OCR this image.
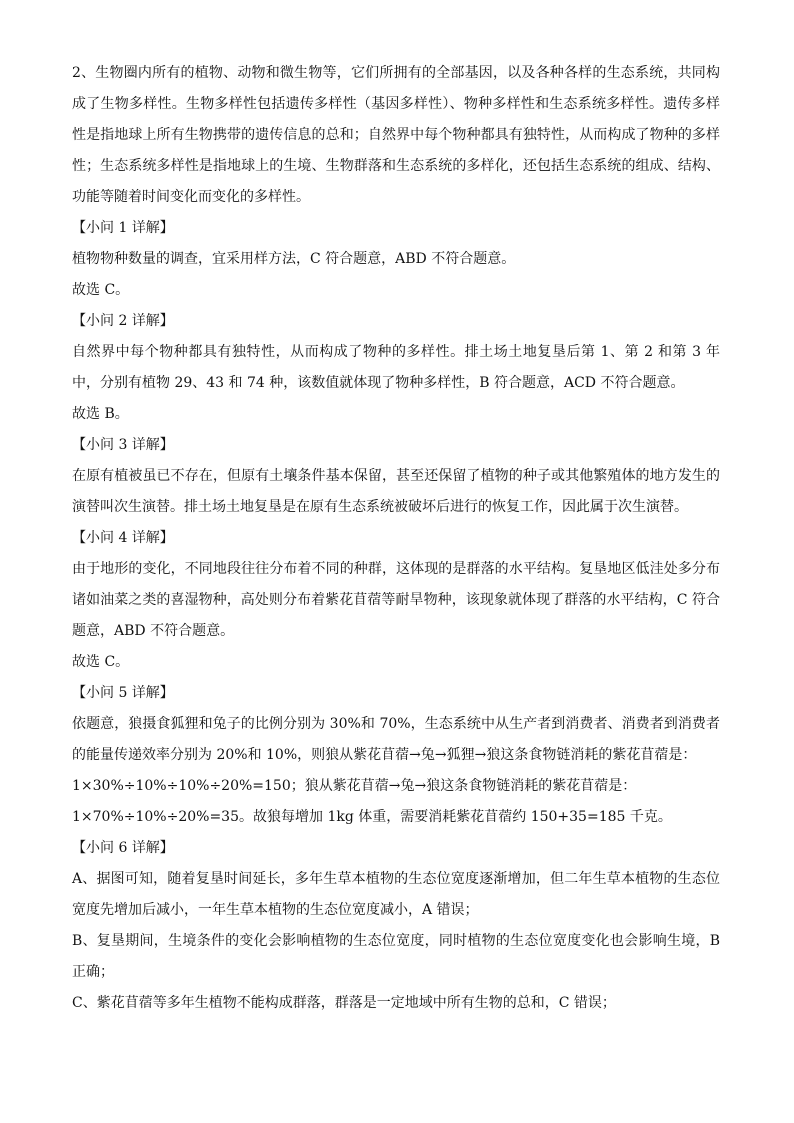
2、生物圈内所有的植物、动物和微生物等，它们所拥有的全部基因，以及各种各样的生态系统，共同构成了生物多样性。生物多样性包括遗传多样性（基因多样性）、物种多样性和生态系统多样性。遗传多样性是指地球上所有生物携带的遗传信息的总和；自然界中每个物种都具有独特性，从而构成了物种的多样性；生态系统多样性是指地球上的生境、生物群落和生态系统的多样化，还包括生态系统的组成、结构、功能等随着时间变化而变化的多样性。

【小问 1 详解】

植物物种数量的调查，宜采用样方法，C 符合题意，ABD 不符合题意。

故选 C。

【小问 2 详解】

自然界中每个物种都具有独特性，从而构成了物种的多样性。排土场土地复垦后第 1、第 2 和第 3 年中，分别有植物 29、43 和 74 种，该数值就体现了物种多样性，B 符合题意，ACD 不符合题意。

故选 B。

【小问 3 详解】

在原有植被虽已不存在，但原有土壤条件基本保留，甚至还保留了植物的种子或其他繁殖体的地方发生的演替叫次生演替。排土场土地复垦是在原有生态系统被破坏后进行的恢复工作，因此属于次生演替。

【小问 4 详解】

由于地形的变化，不同地段往往分布着不同的种群，这体现的是群落的水平结构。复垦地区低洼处多分布诸如油菜之类的喜湿物种，高处则分布着紫花苜蓿等耐旱物种，该现象就体现了群落的水平结构，C 符合题意，ABD 不符合题意。

故选 C。

【小问 5 详解】

依题意，狼摄食狐狸和兔子的比例分别为 30%和 70%，生态系统中从生产者到消费者、消费者到消费者的能量传递效率分别为 20%和 10%，则狼从紫花苜蓿→兔→狐狸→狼这条食物链消耗的紫花苜蓿是：

1×30%÷10%÷10%÷20%=150；狼从紫花苜蓿→兔→狼这条食物链消耗的紫花苜蓿是：

1×70%÷10%÷20%=35。故狼每增加 1kg 体重，需要消耗紫花苜蓿约 150+35=185 千克。

【小问 6 详解】

A、据图可知，随着复垦时间延长，多年生草本植物的生态位宽度逐渐增加，但二年生草本植物的生态位宽度先增加后减小，一年生草本植物的生态位宽度减小，A 错误；

B、复垦期间，生境条件的变化会影响植物的生态位宽度，同时植物的生态位宽度变化也会影响生境，B 正确；

C、紫花苜蓿等多年生植物不能构成群落，群落是一定地域中所有生物的总和，C 错误；
